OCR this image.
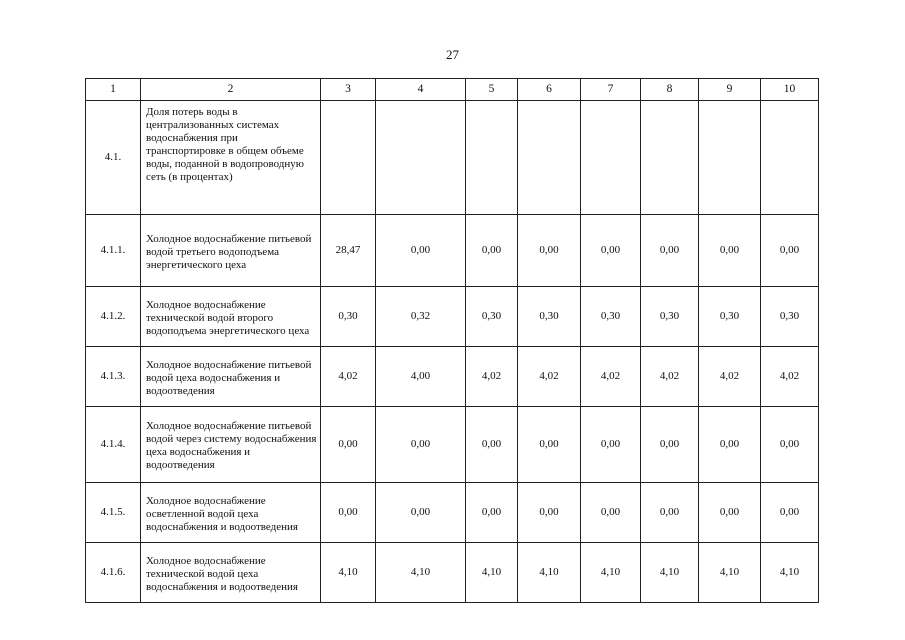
27
1	2	3	4	5	6	7	8	9	10
4.1.	Доля потерь воды в централизованных системах водоснабжения при транспортировке в общем объеме воды, поданной в водопроводную сеть (в процентах)								
4.1.1.	Холодное водоснабжение питьевой водой третьего водоподъема энергетического цеха	28,47	0,00	0,00	0,00	0,00	0,00	0,00	0,00
4.1.2.	Холодное водоснабжение технической водой второго водоподъема энергетического цеха	0,30	0,32	0,30	0,30	0,30	0,30	0,30	0,30
4.1.3.	Холодное водоснабжение питьевой водой цеха водоснабжения и водоотведения	4,02	4,00	4,02	4,02	4,02	4,02	4,02	4,02
4.1.4.	Холодное водоснабжение питьевой водой через систему водоснабжения цеха водоснабжения и водоотведения	0,00	0,00	0,00	0,00	0,00	0,00	0,00	0,00
4.1.5.	Холодное водоснабжение осветленной водой цеха водоснабжения и водоотведения	0,00	0,00	0,00	0,00	0,00	0,00	0,00	0,00
4.1.6.	Холодное водоснабжение технической водой цеха водоснабжения и водоотведения	4,10	4,10	4,10	4,10	4,10	4,10	4,10	4,10
